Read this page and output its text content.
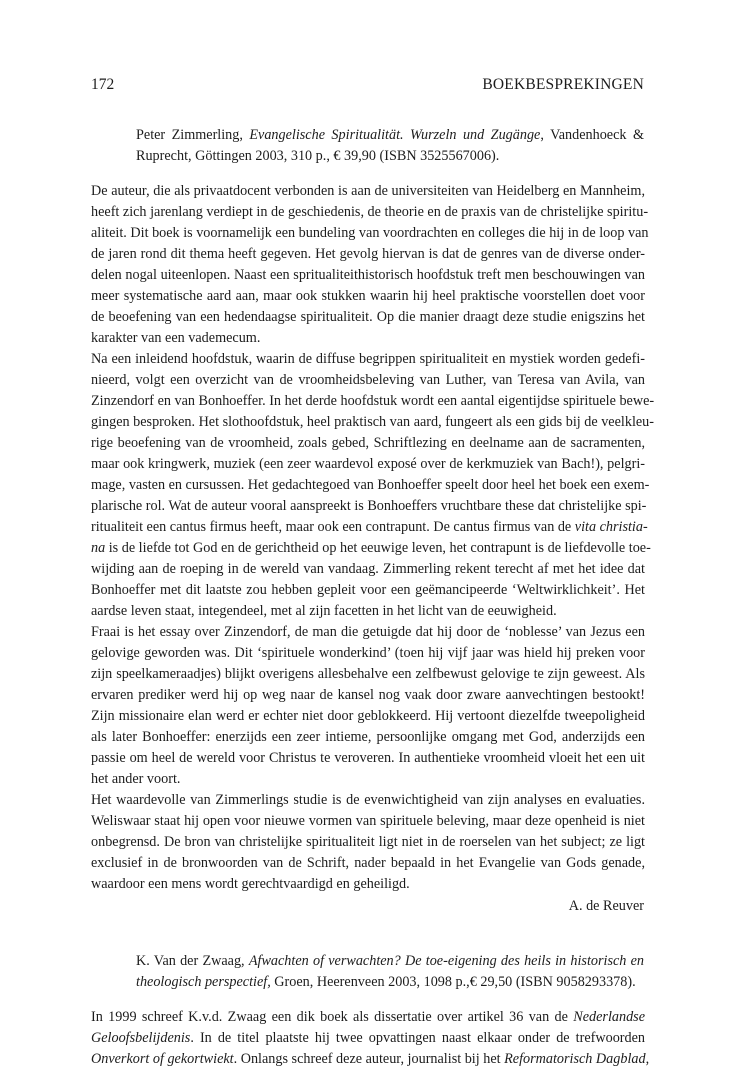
172	BOEKBESPREKINGEN
Peter Zimmerling, Evangelische Spiritualität. Wurzeln und Zugänge, Vandenhoeck &
Ruprecht, Göttingen 2003, 310 p., € 39,90 (ISBN 3525567006).
De auteur, die als privaatdocent verbonden is aan de universiteiten van Heidelberg en Mannheim,
heeft zich jarenlang verdiept in de geschiedenis, de theorie en de praxis van de christelijke spiritu-
aliteit. Dit boek is voornamelijk een bundeling van voordrachten en colleges die hij in de loop van
de jaren rond dit thema heeft gegeven. Het gevolg hiervan is dat de genres van de diverse onder-
delen nogal uiteenlopen. Naast een spritualiteithistorisch hoofdstuk treft men beschouwingen van
meer systematische aard aan, maar ook stukken waarin hij heel praktische voorstellen doet voor
de beoefening van een hedendaagse spiritualiteit. Op die manier draagt deze studie enigszins het
karakter van een vademecum.
Na een inleidend hoofdstuk, waarin de diffuse begrippen spiritualiteit en mystiek worden gedefi-
nieerd, volgt een overzicht van de vroomheidsbeleving van Luther, van Teresa van Avila, van
Zinzendorf en van Bonhoeffer. In het derde hoofdstuk wordt een aantal eigentijdse spirituele bewe-
gingen besproken. Het slothoofdstuk, heel praktisch van aard, fungeert als een gids bij de veelkleu-
rige beoefening van de vroomheid, zoals gebed, Schriftlezing en deelname aan de sacramenten,
maar ook kringwerk, muziek (een zeer waardevol exposé over de kerkmuziek van Bach!), pelgri-
mage, vasten en cursussen. Het gedachtegoed van Bonhoeffer speelt door heel het boek een exem-
plarische rol. Wat de auteur vooral aanspreekt is Bonhoeffers vruchtbare these dat christelijke spi-
ritualiteit een cantus firmus heeft, maar ook een contrapunt. De cantus firmus van de vita christia-
na is de liefde tot God en de gerichtheid op het eeuwige leven, het contrapunt is de liefdevolle toe-
wijding aan de roeping in de wereld van vandaag. Zimmerling rekent terecht af met het idee dat
Bonhoeffer met dit laatste zou hebben gepleit voor een geëmancipeerde ‘Weltwirklichkeit’. Het
aardse leven staat, integendeel, met al zijn facetten in het licht van de eeuwigheid.
Fraai is het essay over Zinzendorf, de man die getuigde dat hij door de ‘noblesse’ van Jezus een
gelovige geworden was. Dit ‘spirituele wonderkind’ (toen hij vijf jaar was hield hij preken voor
zijn speelkameraadjes) blijkt overigens allesbehalve een zelfbewust gelovige te zijn geweest. Als
ervaren prediker werd hij op weg naar de kansel nog vaak door zware aanvechtingen bestookt!
Zijn missionaire elan werd er echter niet door geblokkeerd. Hij vertoont diezelfde tweepoligheid
als later Bonhoeffer: enerzijds een zeer intieme, persoonlijke omgang met God, anderzijds een
passie om heel de wereld voor Christus te veroveren. In authentieke vroomheid vloeit het een uit
het ander voort.
Het waardevolle van Zimmerlings studie is de evenwichtigheid van zijn analyses en evaluaties.
Weliswaar staat hij open voor nieuwe vormen van spirituele beleving, maar deze openheid is niet
onbegrensd. De bron van christelijke spiritualiteit ligt niet in de roerselen van het subject; ze ligt
exclusief in de bronwoorden van de Schrift, nader bepaald in het Evangelie van Gods genade,
waardoor een mens wordt gerechtvaardigd en geheiligd.
A. de Reuver
K. Van der Zwaag, Afwachten of verwachten? De toe-eigening des heils in historisch en
theologisch perspectief, Groen, Heerenveen 2003, 1098 p.,€ 29,50 (ISBN 9058293378).
In 1999 schreef K.v.d. Zwaag een dik boek als dissertatie over artikel 36 van de Nederlandse
Geloofsbelijdenis. In de titel plaatste hij twee opvattingen naast elkaar onder de trefwoorden
Onverkort of gekortwiekt. Onlangs schreef deze auteur, journalist bij het Reformatorisch Dagblad,
